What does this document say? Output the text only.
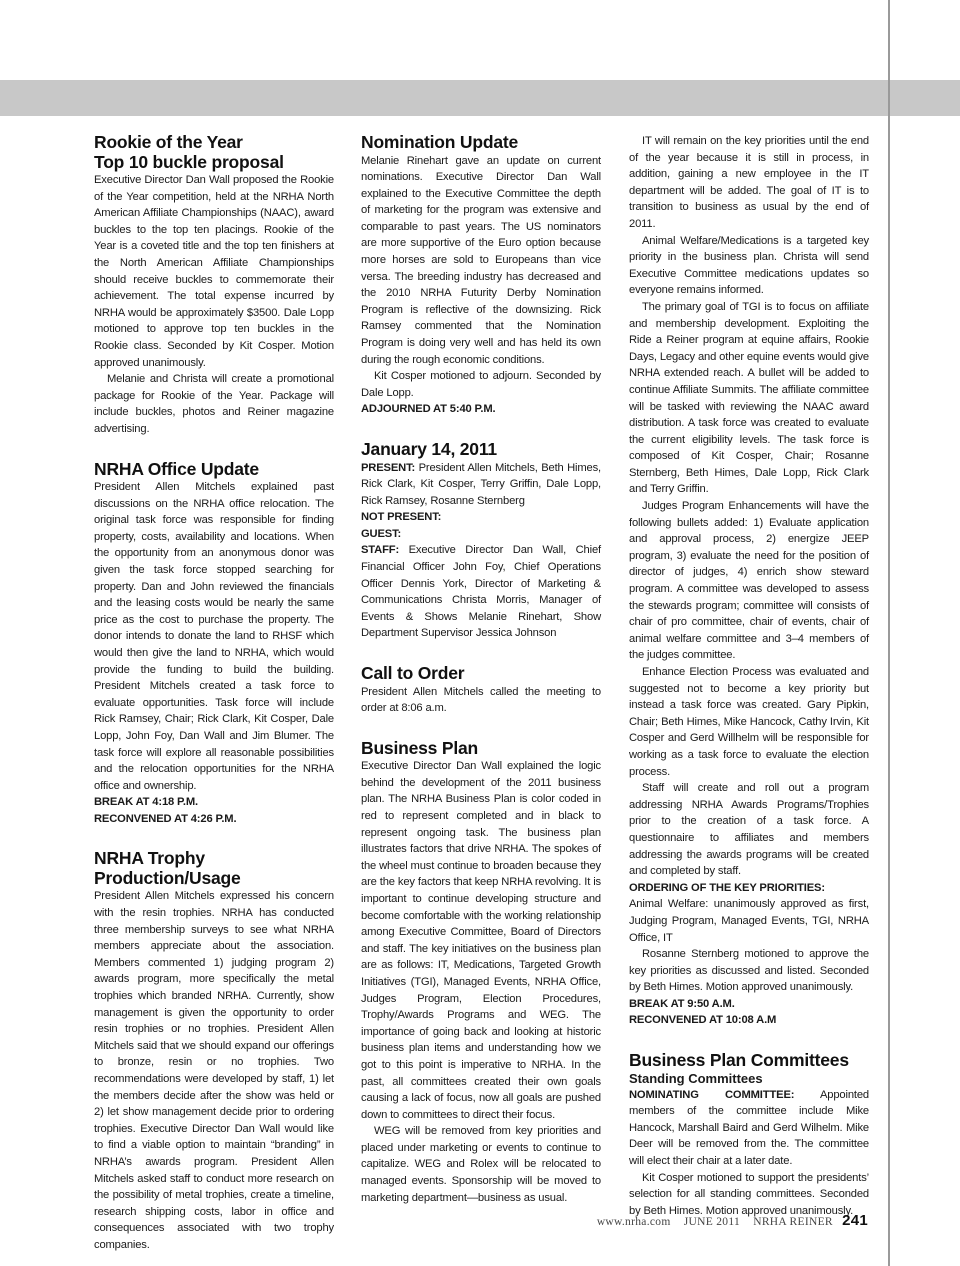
Rookie of the Year
Top 10 buckle proposal

Executive Director Dan Wall proposed the Rookie of the Year competition, held at the NRHA North American Affiliate Championships (NAAC), award buckles to the top ten placings. Rookie of the Year is a coveted title and the top ten finishers at the North American Affiliate Championships should receive buckles to commemorate their achievement. The total expense incurred by NRHA would be approximately $3500. Dale Lopp motioned to approve top ten buckles in the Rookie class. Seconded by Kit Cosper. Motion approved unanimously.

Melanie and Christa will create a promotional package for Rookie of the Year. Package will include buckles, photos and Reiner magazine advertising.

NRHA Office Update

President Allen Mitchels explained past discussions on the NRHA office relocation. The original task force was responsible for finding property, costs, availability and locations. When the opportunity from an anonymous donor was given the task force stopped searching for property. Dan and John reviewed the financials and the leasing costs would be nearly the same price as the cost to purchase the property. The donor intends to donate the land to RHSF which would then give the land to NRHA, which would provide the funding to build the building. President Mitchels created a task force to evaluate opportunities. Task force will include Rick Ramsey, Chair; Rick Clark, Kit Cosper, Dale Lopp, John Foy, Dan Wall and Jim Blumer. The task force will explore all reasonable possibilities and the relocation opportunities for the NRHA office and ownership.

BREAK AT 4:18 P.M.

RECONVENED AT 4:26 P.M.

NRHA Trophy
Production/Usage

President Allen Mitchels expressed his concern with the resin trophies. NRHA has conducted three membership surveys to see what NRHA members appreciate about the association. Members commented 1) judging program 2) awards program, more specifically the metal trophies which branded NRHA. Currently, show management is given the opportunity to order resin trophies or no trophies. President Allen Mitchels said that we should expand our offerings to bronze, resin or no trophies. Two recommendations were developed by staff, 1) let the members decide after the show was held or 2) let show management decide prior to ordering trophies. Executive Director Dan Wall would like to find a viable option to maintain “branding” in NRHA’s awards program. President Allen Mitchels asked staff to conduct more research on the possibility of metal trophies, create a timeline, research shipping costs, labor in office and consequences associated with two trophy companies.

Nomination Update

Melanie Rinehart gave an update on current nominations. Executive Director Dan Wall explained to the Executive Committee the depth of marketing for the program was extensive and comparable to past years. The US nominators are more supportive of the Euro option because more horses are sold to Europeans than vice versa. The breeding industry has decreased and the 2010 NRHA Futurity Derby Nomination Program is reflective of the downsizing. Rick Ramsey commented that the Nomination Program is doing very well and has held its own during the rough economic conditions.

Kit Cosper motioned to adjourn. Seconded by Dale Lopp.

ADJOURNED AT 5:40 P.M.

January 14, 2011

PRESENT: President Allen Mitchels, Beth Himes, Rick Clark, Kit Cosper, Terry Griffin, Dale Lopp, Rick Ramsey, Rosanne Sternberg

NOT PRESENT:

GUEST:

STAFF: Executive Director Dan Wall, Chief Financial Officer John Foy, Chief Operations Officer Dennis York, Director of Marketing & Communications Christa Morris, Manager of Events & Shows Melanie Rinehart, Show Department Supervisor Jessica Johnson

Call to Order

President Allen Mitchels called the meeting to order at 8:06 a.m.

Business Plan

Executive Director Dan Wall explained the logic behind the development of the 2011 business plan. The NRHA Business Plan is color coded in red to represent completed and in black to represent ongoing task. The business plan illustrates factors that drive NRHA. The spokes of the wheel must continue to broaden because they are the key factors that keep NRHA revolving. It is important to continue developing structure and become comfortable with the working relationship among Executive Committee, Board of Directors and staff. The key initiatives on the business plan are as follows: IT, Medications, Targeted Growth Initiatives (TGI), Managed Events, NRHA Office, Judges Program, Election Procedures, Trophy/Awards Programs and WEG. The importance of going back and looking at historic business plan items and understanding how we got to this point is imperative to NRHA. In the past, all committees created their own goals causing a lack of focus, now all goals are pushed down to committees to direct their focus.

WEG will be removed from key priorities and placed under marketing or events to continue to capitalize. WEG and Rolex will be relocated to managed events. Sponsorship will be moved to marketing department—business as usual.

IT will remain on the key priorities until the end of the year because it is still in process, in addition, gaining a new employee in the IT department will be added. The goal of IT is to transition to business as usual by the end of 2011.

Animal Welfare/Medications is a targeted key priority in the business plan. Christa will send Executive Committee medications updates so everyone remains informed.

The primary goal of TGI is to focus on affiliate and membership development. Exploiting the Ride a Reiner program at equine affairs, Rookie Days, Legacy and other equine events would give NRHA extended reach. A bullet will be added to continue Affiliate Summits. The affiliate committee will be tasked with reviewing the NAAC award distribution. A task force was created to evaluate the current eligibility levels. The task force is composed of Kit Cosper, Chair; Rosanne Sternberg, Beth Himes, Dale Lopp, Rick Clark and Terry Griffin.

Judges Program Enhancements will have the following bullets added: 1) Evaluate application and approval process, 2) energize JEEP program, 3) evaluate the need for the position of director of judges, 4) enrich show steward program. A committee was developed to assess the stewards program; committee will consists of chair of pro committee, chair of events, chair of animal welfare committee and 3–4 members of the judges committee.

Enhance Election Process was evaluated and suggested not to become a key priority but instead a task force was created. Gary Pipkin, Chair; Beth Himes, Mike Hancock, Cathy Irvin, Kit Cosper and Gerd Willhelm will be responsible for working as a task force to evaluate the election process.

Staff will create and roll out a program addressing NRHA Awards Programs/Trophies prior to the creation of a task force. A questionnaire to affiliates and members addressing the awards programs will be created and completed by staff.

ORDERING OF THE KEY PRIORITIES:

Animal Welfare: unanimously approved as first, Judging Program, Managed Events, TGI, NRHA Office, IT

Rosanne Sternberg motioned to approve the key priorities as discussed and listed. Seconded by Beth Himes. Motion approved unanimously.

BREAK AT 9:50 A.M.

RECONVENED AT 10:08 A.M

Business Plan Committees
Standing Committees

NOMINATING COMMITTEE: Appointed members of the committee include Mike Hancock, Marshall Baird and Gerd Wilhelm. Mike Deer will be removed from the. The committee will elect their chair at a later date.

Kit Cosper motioned to support the presidents’ selection for all standing committees. Seconded by Beth Himes. Motion approved unanimously.

www.nrha.com JUNE 2011 NRHA REINER 241
